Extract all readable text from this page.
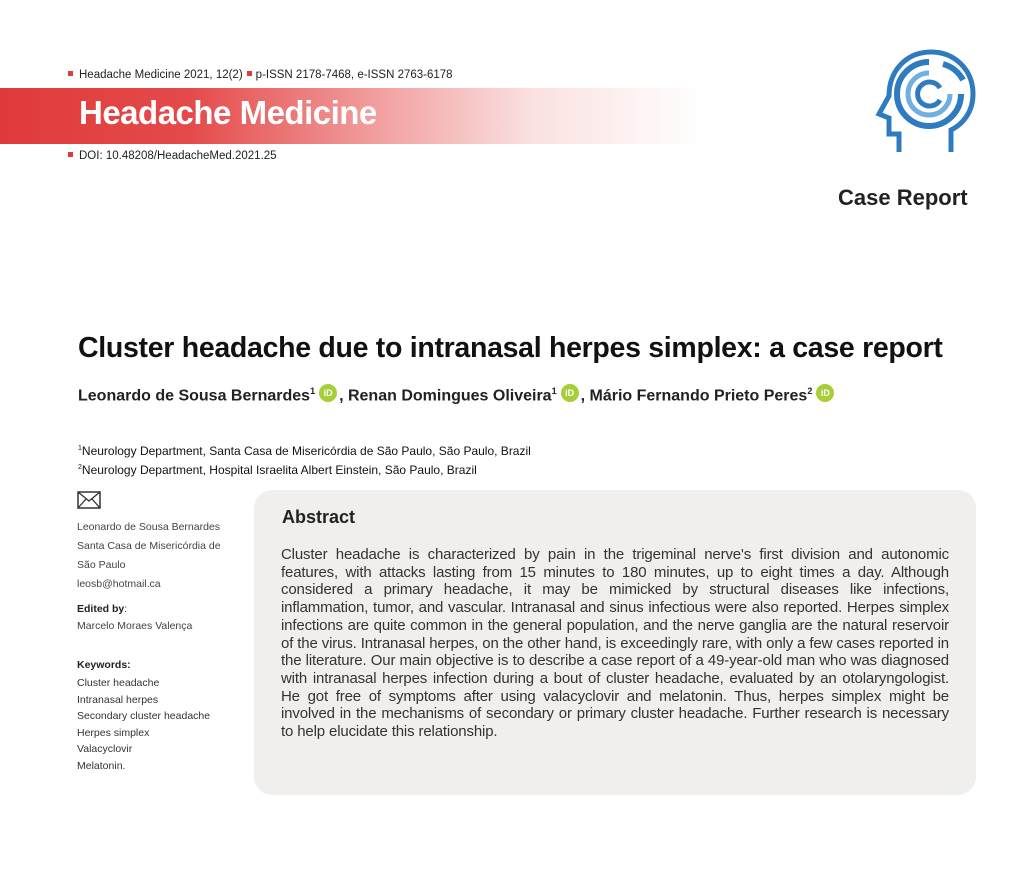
Headache Medicine 2021, 12(2) p-ISSN 2178-7468, e-ISSN 2763-6178
Headache Medicine
DOI: 10.48208/HeadacheMed.2021.25
Case Report
Cluster headache due to intranasal herpes simplex: a case report
Leonardo de Sousa Bernardes$^1$ iD , Renan Domingues Oliveira$^1$ iD , Mário Fernando Prieto Peres$^2$ iD
$^1$Neurology Department, Santa Casa de Misericórdia de São Paulo, São Paulo, Brazil
$^2$Neurology Department, Hospital Israelita Albert Einstein, São Paulo, Brazil
Leonardo de Sousa Bernardes
Santa Casa de Misericórdia de
São Paulo
leosb@hotmail.ca
Edited by:
Marcelo Moraes Valença
Keywords:
Cluster headache
Intranasal herpes
Secondary cluster headache
Herpes simplex
Valacyclovir
Melatonin.
Abstract
Cluster headache is characterized by pain in the trigeminal nerve's first division and autonomic features, with attacks lasting from 15 minutes to 180 minutes, up to eight times a day. Although considered a primary headache, it may be mimicked by structural diseases like infections, inflammation, tumor, and vascular. Intranasal and sinus infectious were also reported. Herpes simplex infections are quite common in the general population, and the nerve ganglia are the natural reservoir of the virus. Intranasal herpes, on the other hand, is exceedingly rare, with only a few cases reported in the literature. Our main objective is to describe a case report of a 49-year-old man who was diagnosed with intranasal herpes infection during a bout of cluster headache, evaluated by an otolaryngologist. He got free of symptoms after using valacyclovir and melatonin. Thus, herpes simplex might be involved in the mechanisms of secondary or primary cluster headache. Further research is necessary to help elucidate this relationship.
